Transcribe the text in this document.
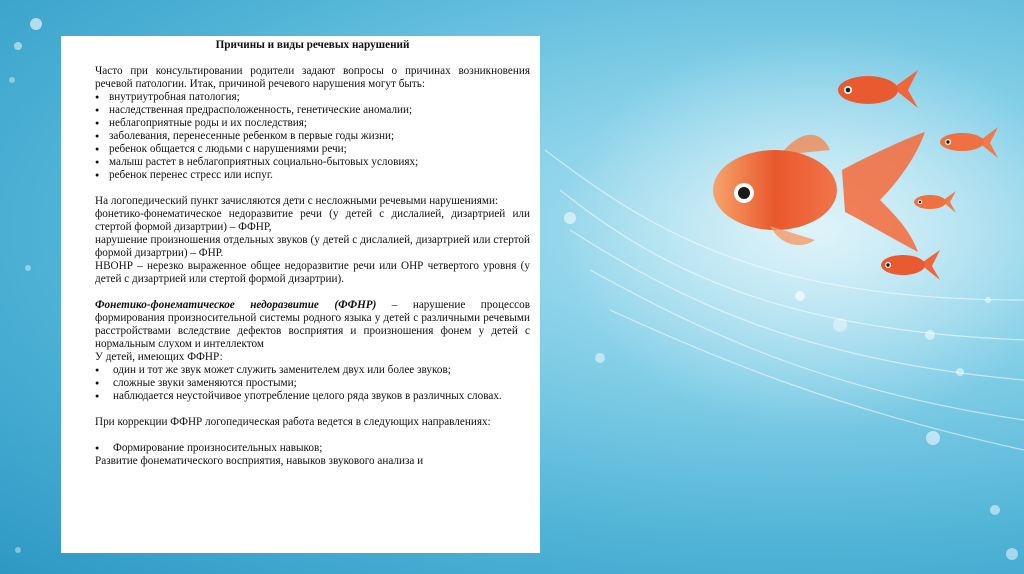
Причины и виды речевых нарушений

Часто при консультировании родители задают вопросы о причинах возникновения речевой патологии. Итак, причиной речевого нарушения могут быть:

● внутриутробная патология;
● наследственная предрасположенность, генетические аномалии;
● неблагоприятные роды и их последствия;
● заболевания, перенесенные ребенком в первые годы жизни;
● ребенок общается с людьми с нарушениями речи;
● малыш растет в неблагоприятных социально-бытовых условиях;
● ребенок перенес стресс или испуг.

На логопедический пункт зачисляются дети с несложными речевыми нарушениями:

фонетико-фонематическое недоразвитие речи (у детей с дислалией, дизартрией или стертой формой дизартрии) – ФФНР,

нарушение произношения отдельных звуков (у детей с дислалией, дизартрией или стертой формой дизартрии) – ФНР.

НВОНР – нерезко выраженное общее недоразвитие речи или ОНР четвертого уровня (у детей с дизартрией или стертой формой дизартрии).

Фонетико-фонематическое недоразвитие (ФФНР) – нарушение процессов формирования произносительной системы родного языка у детей с различными речевыми расстройствами вследствие дефектов восприятия и произношения фонем у детей с нормальным слухом и интеллектом

У детей, имеющих ФФНР:

● один и тот же звук может служить заменителем двух или более звуков;
● сложные звуки заменяются простыми;
● наблюдается неустойчивое употребление целого ряда звуков в различных словах.

При коррекции ФФНР логопедическая работа ведется в следующих направлениях:

● Формирование произносительных навыков;

Развитие фонематического восприятия, навыков звукового анализа и
